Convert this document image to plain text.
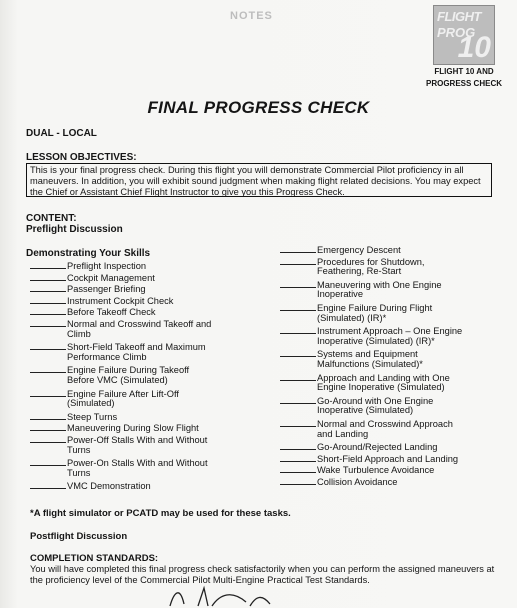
NOTES	FLIGHT
PROG
10
FLIGHT 10 AND
PROGRESS CHECK
FINAL PROGRESS CHECK
DUAL - LOCAL
LESSON OBJECTIVES:
This is your final progress check. During this flight you will demonstrate Commercial Pilot proficiency in all maneuvers. In addition, you will exhibit sound judgment when making flight related decisions. You may expect the Chief or Assistant Chief Flight Instructor to give you this Progress Check.
CONTENT:
Preflight Discussion
Demonstrating Your Skills
Preflight Inspection
Cockpit Management
Passenger Briefing
Instrument Cockpit Check
Before Takeoff Check
Normal and Crosswind Takeoff and
Climb
Short-Field Takeoff and Maximum
Performance Climb
Engine Failure During Takeoff
Before VMC (Simulated)
Engine Failure After Lift-Off
(Simulated)
Steep Turns
Maneuvering During Slow Flight
Power-Off Stalls With and Without
Turns
Power-On Stalls With and Without
Turns
VMC Demonstration
Emergency Descent
Procedures for Shutdown,
Feathering, Re-Start
Maneuvering with One Engine
Inoperative
Engine Failure During Flight
(Simulated) (IR)*
Instrument Approach – One Engine
Inoperative (Simulated) (IR)*
Systems and Equipment
Malfunctions (Simulated)*
Approach and Landing with One
Engine Inoperative (Simulated)
Go-Around with One Engine
Inoperative (Simulated)
Normal and Crosswind Approach
and Landing
Go-Around/Rejected Landing
Short-Field Approach and Landing
Wake Turbulence Avoidance
Collision Avoidance
*A flight simulator or PCATD may be used for these tasks.
Postflight Discussion
COMPLETION STANDARDS:
You will have completed this final progress check satisfactorily when you can perform the assigned maneuvers at the proficiency level of the Commercial Pilot Multi-Engine Practical Test Standards.
